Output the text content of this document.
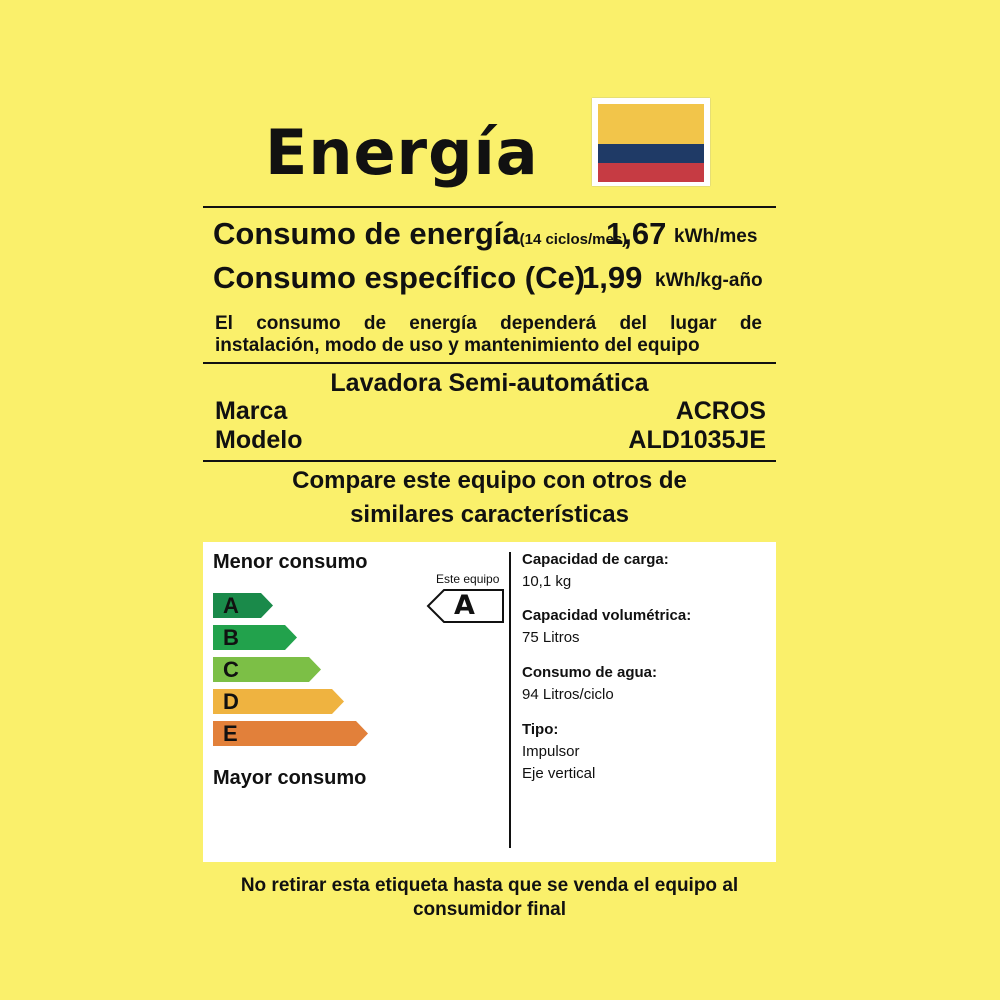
Energía
Consumo de energía(14 ciclos/mes)
1,67 kWh/mes
Consumo específico (Ce)
1,99 kWh/kg-año
El consumo de energía dependerá del lugar de
instalación, modo de uso y mantenimiento del equipo
Lavadora Semi-automática
Marca	ACROS
Modelo	ALD1035JE
Compare este equipo con otros de
similares características
Menor consumo
A
B
C
D
E
Mayor consumo
Este equipo
A
Capacidad de carga:
10,1 kg
Capacidad volumétrica:
75 Litros
Consumo de agua:
94 Litros/ciclo
Tipo:
Impulsor
Eje vertical
No retirar esta etiqueta hasta que se venda el equipo al
consumidor final
